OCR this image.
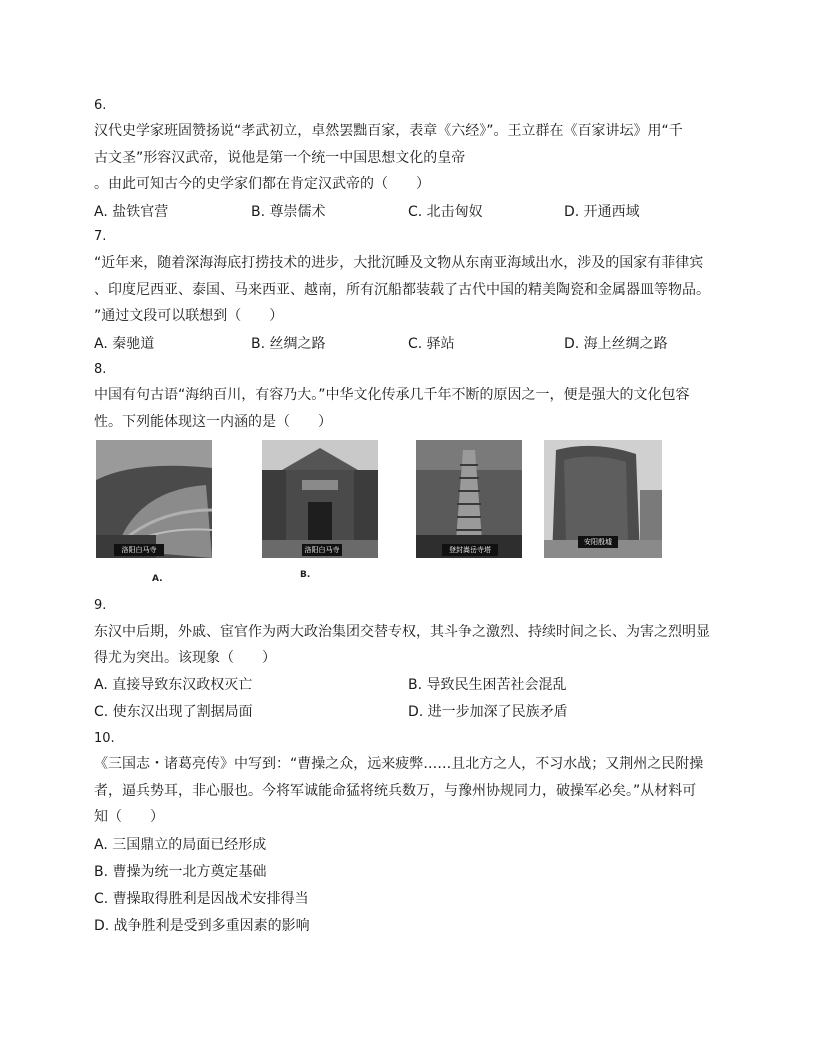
6.
汉代史学家班固赞扬说“孝武初立，卓然罢黜百家，表章《六经》”。王立群在《百家讲坛》用“千
古文圣”形容汉武帝，说他是第一个统一中国思想文化的皇帝
。由此可知古今的史学家们都在肯定汉武帝的（　　）
A. 盐铁官营	B. 尊崇儒术	C. 北击匈奴	D. 开通西域
7.
“近年来，随着深海海底打捞技术的进步，大批沉睡及文物从东南亚海域出水，涉及的国家有菲律宾
、印度尼西亚、泰国、马来西亚、越南，所有沉船都装载了古代中国的精美陶瓷和金属器皿等物品。
”通过文段可以联想到（　　）
A. 秦驰道	B. 丝绸之路	C. 驿站	D. 海上丝绸之路
8.
中国有句古语“海纳百川，有容乃大。”中华文化传承几千年不断的原因之一，便是强大的文化包容
性。下列能体现这一内涵的是（　　）
洛阳白马寺	洛阳白马寺	登封嵩岳寺塔
安阳殷墟
A.	B.
9.
东汉中后期，外戚、宦官作为两大政治集团交替专权，其斗争之激烈、持续时间之长、为害之烈明显
得尤为突出。该现象（　　）
A. 直接导致东汉政权灭亡	B. 导致民生困苦社会混乱
C. 使东汉出现了割据局面	D. 进一步加深了民族矛盾
10.
《三国志・诸葛亮传》中写到：“曹操之众，远来疲弊……且北方之人，不习水战；又荆州之民附操
者，逼兵势耳，非心服也。今将军诚能命猛将统兵数万，与豫州协规同力，破操军必矣。”从材料可
知（　　）
A. 三国鼎立的局面已经形成
B. 曹操为统一北方奠定基础
C. 曹操取得胜利是因战术安排得当
D. 战争胜利是受到多重因素的影响
